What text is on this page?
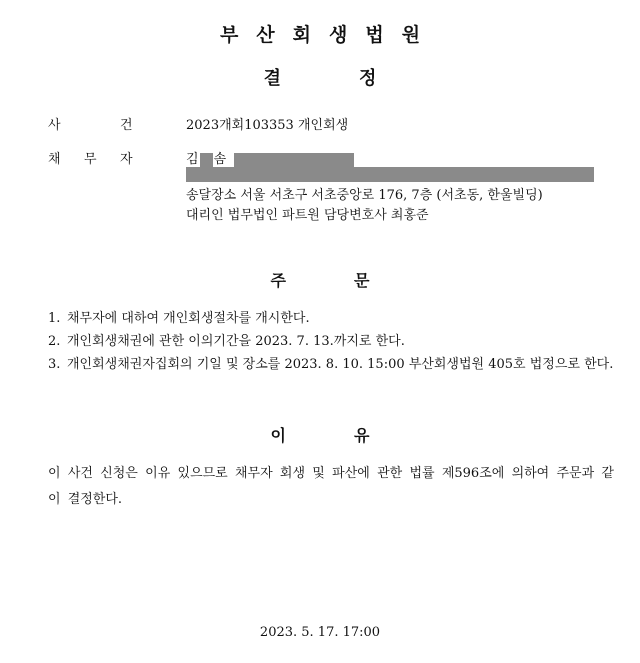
부산회생법원
결	정
사	건	2023개회103353 개인회생
채 무 자	김 솜
송달장소 서울 서초구 서초중앙로 176, 7층 (서초동, 한울빌딩)
대리인 법무법인 파트원 담당변호사 최홍준
주	문
1. 채무자에 대하여 개인회생절차를 개시한다.
2. 개인회생채권에 관한 이의기간을 2023. 7. 13.까지로 한다.
3. 개인회생채권자집회의 기일 및 장소를 2023. 8. 10. 15:00 부산회생법원 405호 법정으로 한다.
이	유
이 사건 신청은 이유 있으므로 채무자 회생 및 파산에 관한 법률 제596조에 의하여 주문과 같이 결정한다.
2023. 5. 17. 17:00
